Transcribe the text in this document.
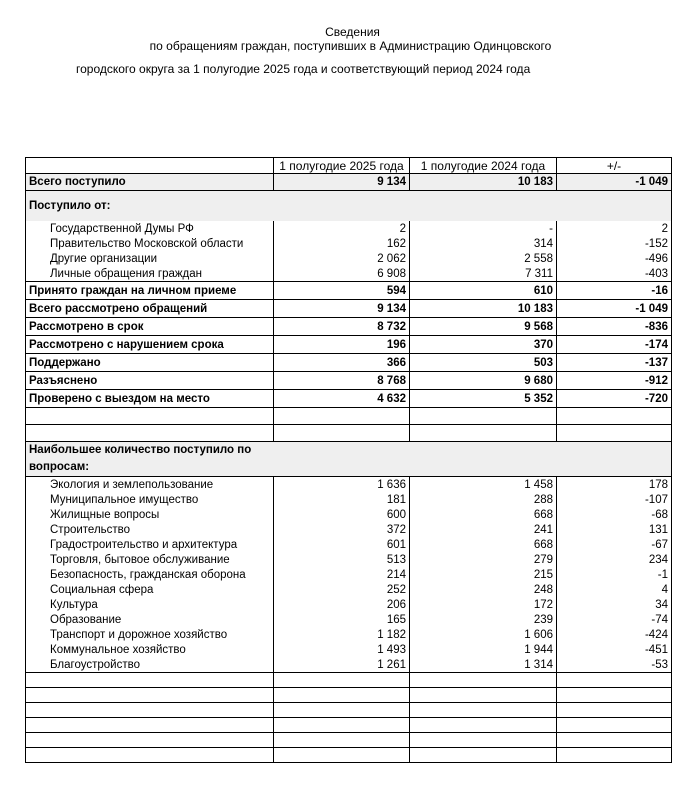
Сведения
по обращениям граждан, поступивших в Администрацию Одинцовского
городского округа за 1 полугодие 2025 года и соответствующий период 2024 года
	1 полугодие 2025 года	1 полугодие 2024 года	+/-
Всего поступило	9 134	10 183	-1 049
Поступило от:			
Государственной Думы РФ	2	-	2
Правительство Московской области	162	314	-152
Другие организации	2 062	2 558	-496
Личные обращения граждан	6 908	7 311	-403
Принято граждан на личном приеме	594	610	-16
Всего рассмотрено обращений	9 134	10 183	-1 049
Рассмотрено в срок	8 732	9 568	-836
Рассмотрено с нарушением срока	196	370	-174
Поддержано	366	503	-137
Разъяснено	8 768	9 680	-912
Проверено с выездом на место	4 632	5 352	-720

Наибольшее количество поступило по
вопросам:			

Экология и землепользование	1 636	1 458	178
Муниципальное имущество	181	288	-107
Жилищные вопросы	600	668	-68
Строительство	372	241	131
Градостроительство и архитектура	601	668	-67
Торговля, бытовое обслуживание	513	279	234
Безопасность, гражданская оборона	214	215	-1
Социальная сфера	252	248	4
Культура	206	172	34
Образование	165	239	-74
Транспорт и дорожное хозяйство	1 182	1 606	-424
Коммунальное хозяйство	1 493	1 944	-451
Благоустройство	1 261	1 314	-53
